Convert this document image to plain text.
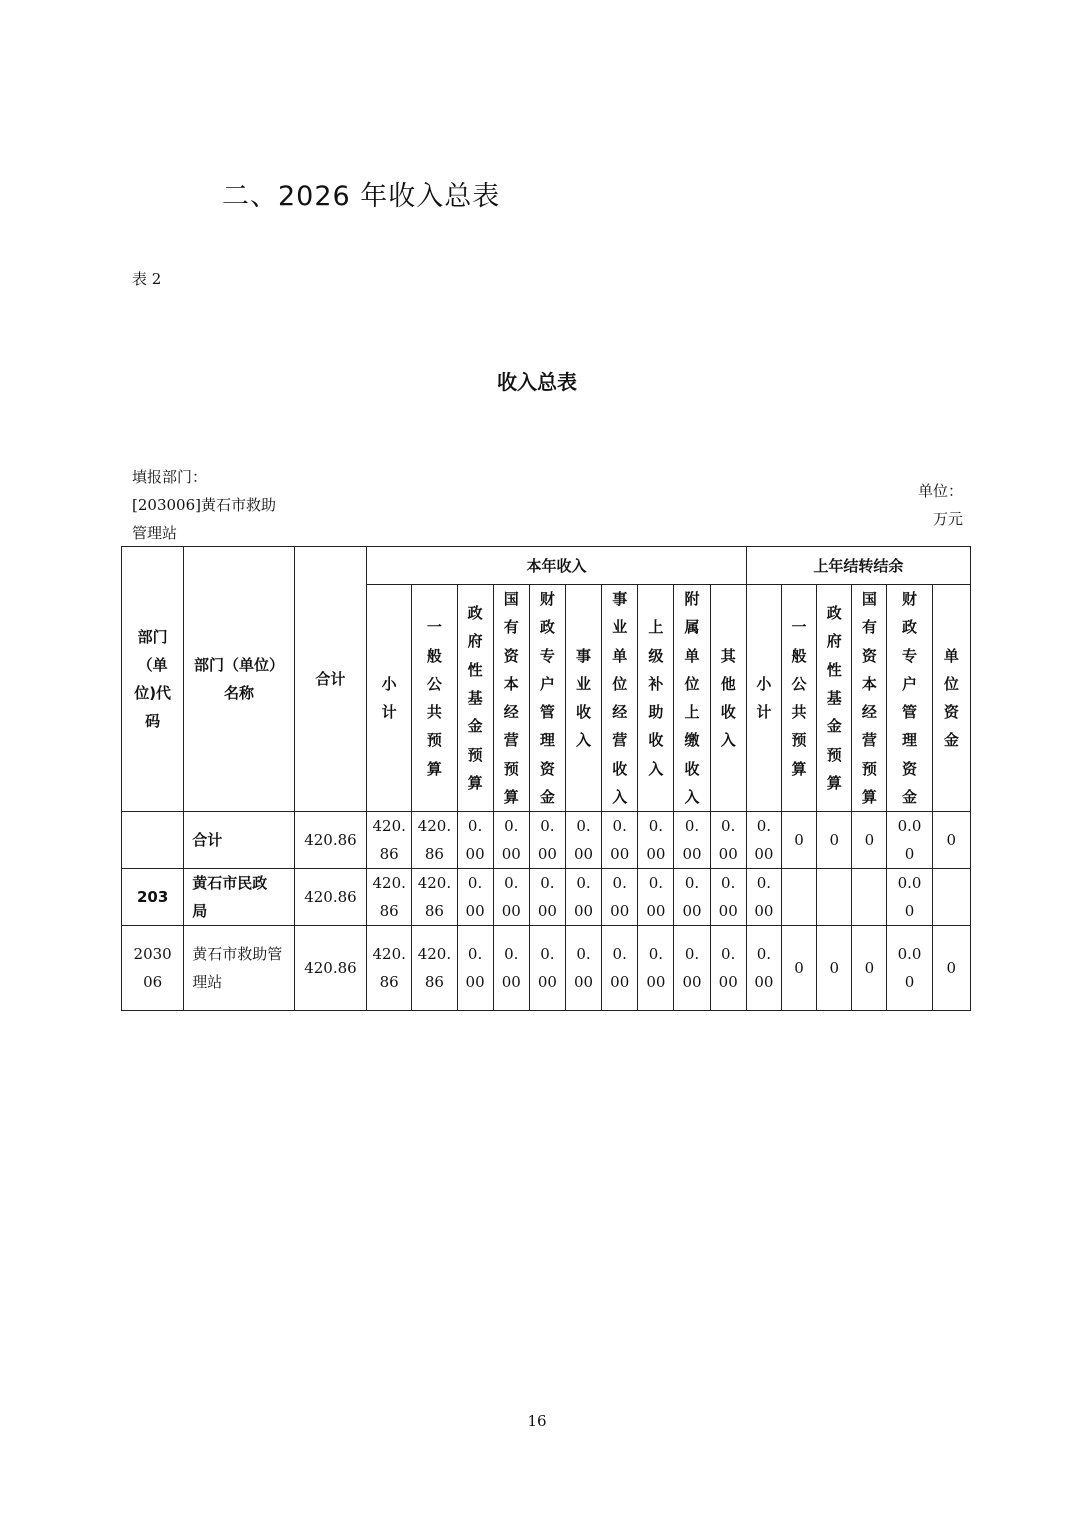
二、2026 年收入总表
表 2
收入总表
填报部门：
[203006]黄石市救助管理站
单位：
万元
部门（单位)代码	部门（单位）名称	合计	本年收入										上年结转结余					
			小计	一般公共预算	政府性基金预算	国有资本经营预算	财政专户管理资金	事业收入	事业单位经营收入	上级补助收入	附属单位上缴收入	其他收入	小计	一般公共预算	政府性基金预算	国有资本经营预算	财政专户管理资金	单位资金

	合计	420.86	420.86	420.86	0.00	0.00	0.00	0.00	0.00	0.00	0.00	0.00	0.00	0	0	0	0.00	0

203	黄石市民政局	420.86	420.86	420.86	0.00	0.00	0.00	0.00	0.00	0.00	0.00	0.00	0.00				0.00	

203006	黄石市救助管理站	420.86	420.86	420.86	0.00	0.00	0.00	0.00	0.00	0.00	0.00	0.00	0.00	0	0	0	0.00	0
16
